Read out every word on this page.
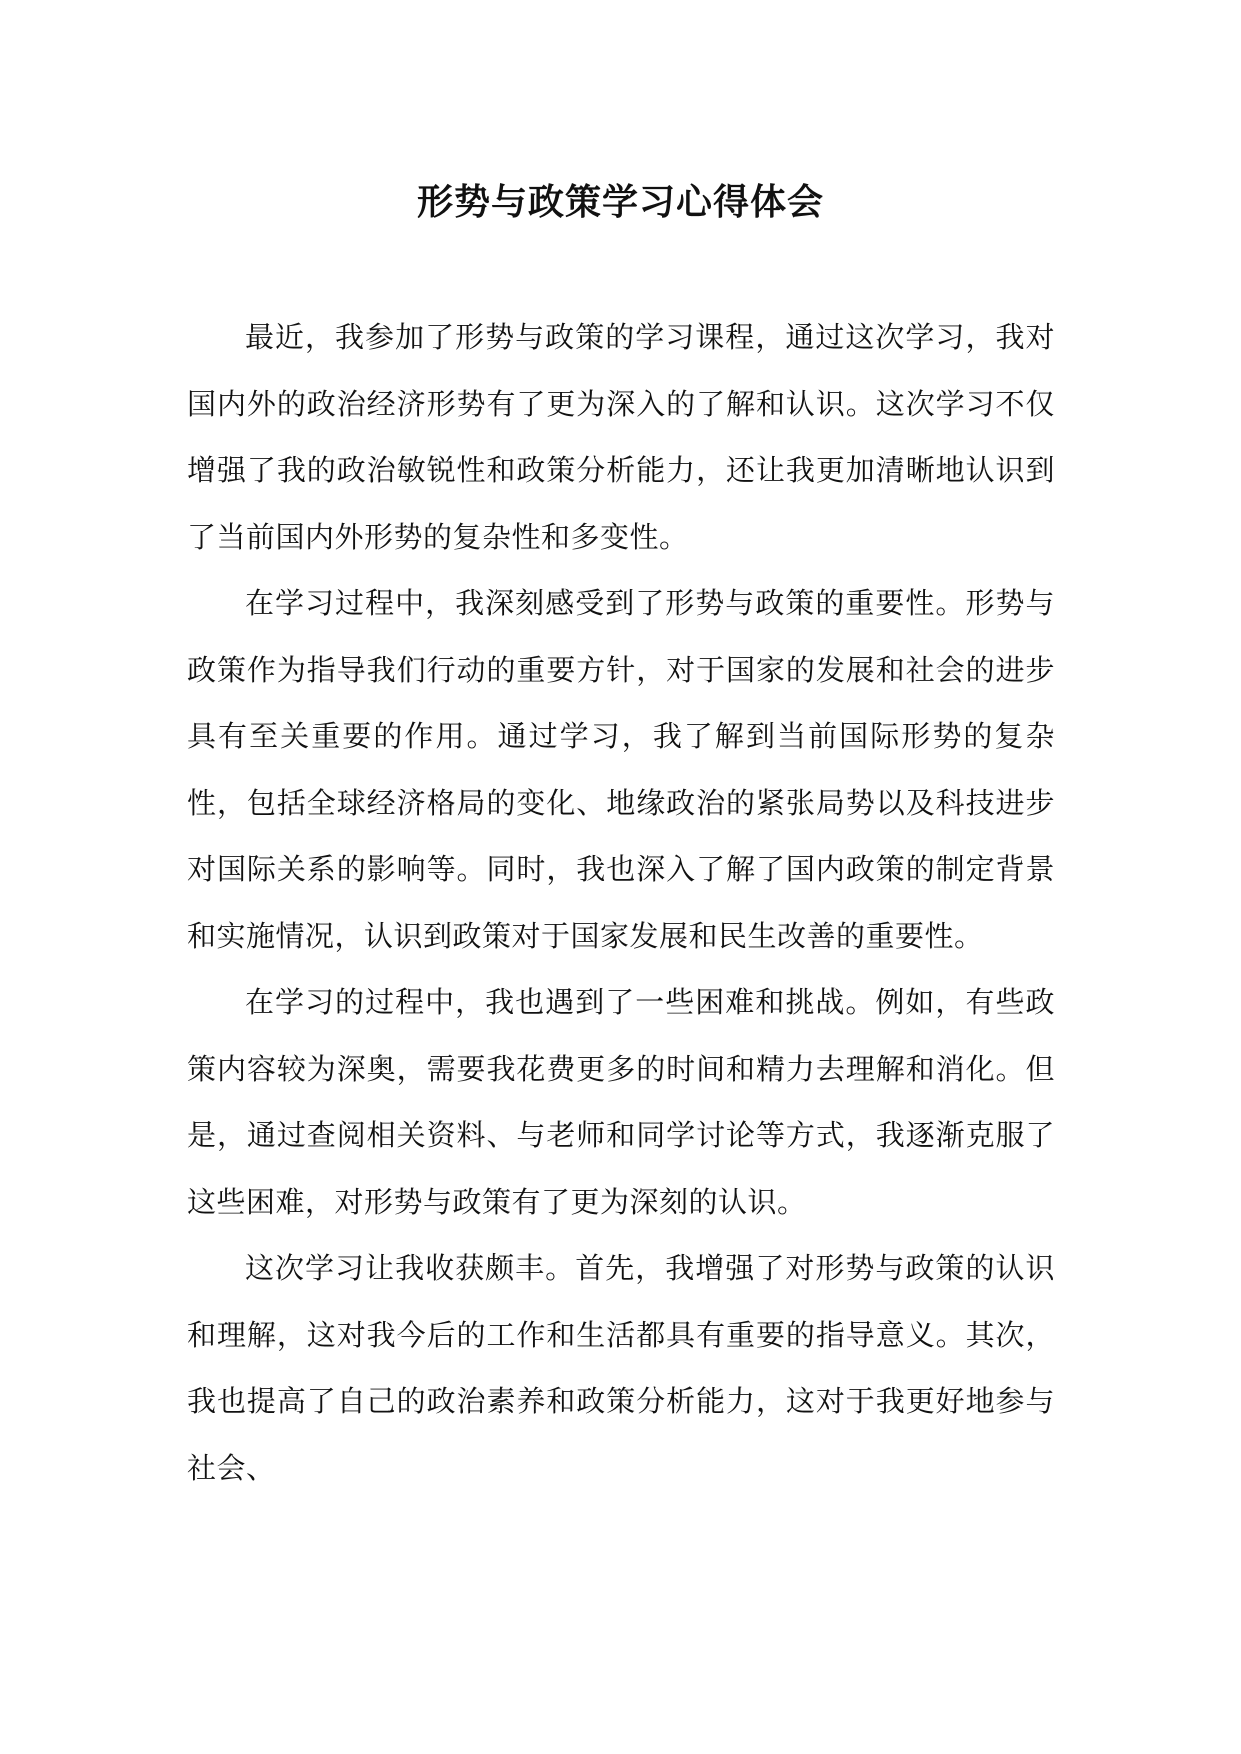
形势与政策学习心得体会

最近，我参加了形势与政策的学习课程，通过这次学习，我对国内外的政治经济形势有了更为深入的了解和认识。这次学习不仅增强了我的政治敏锐性和政策分析能力，还让我更加清晰地认识到了当前国内外形势的复杂性和多变性。

在学习过程中，我深刻感受到了形势与政策的重要性。形势与政策作为指导我们行动的重要方针，对于国家的发展和社会的进步具有至关重要的作用。通过学习，我了解到当前国际形势的复杂性，包括全球经济格局的变化、地缘政治的紧张局势以及科技进步对国际关系的影响等。同时，我也深入了解了国内政策的制定背景和实施情况，认识到政策对于国家发展和民生改善的重要性。

在学习的过程中，我也遇到了一些困难和挑战。例如，有些政策内容较为深奥，需要我花费更多的时间和精力去理解和消化。但是，通过查阅相关资料、与老师和同学讨论等方式，我逐渐克服了这些困难，对形势与政策有了更为深刻的认识。

这次学习让我收获颇丰。首先，我增强了对形势与政策的认识和理解，这对我今后的工作和生活都具有重要的指导意义。其次，我也提高了自己的政治素养和政策分析能力，这对于我更好地参与社会、
